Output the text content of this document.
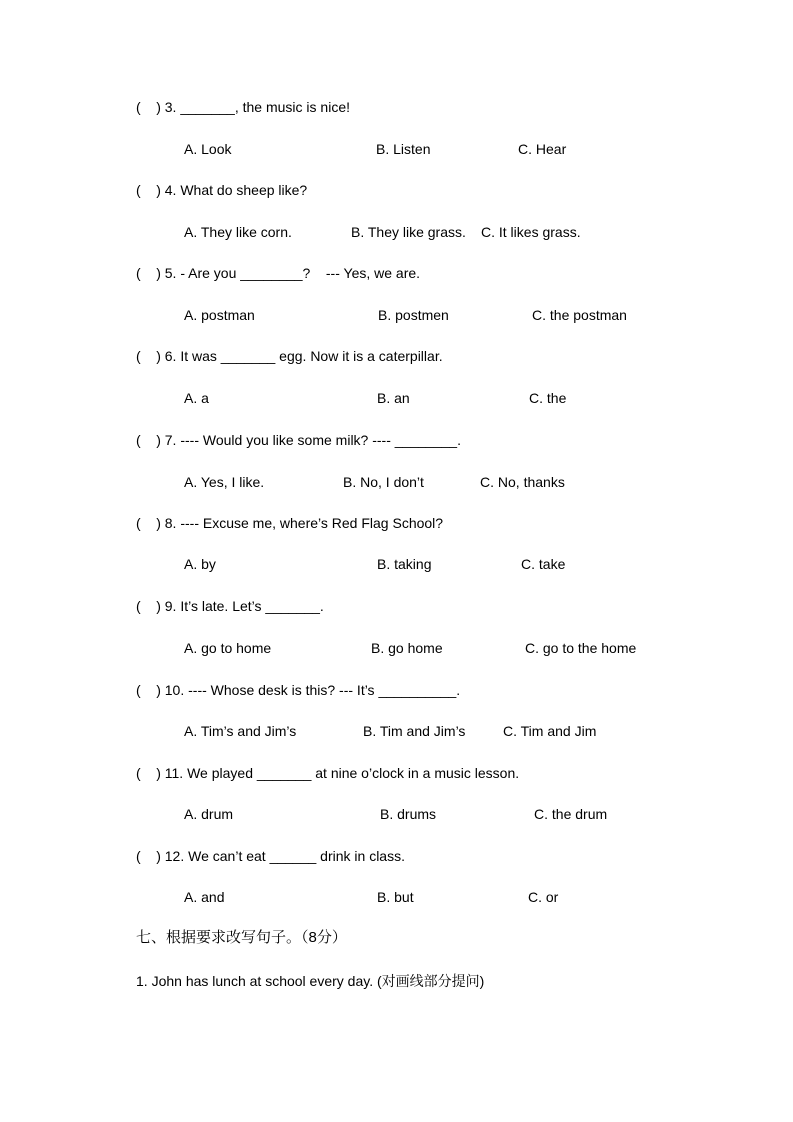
(    ) 3. _______, the music is nice!
A. Look	B. Listen	C. Hear
(    ) 4. What do sheep like?
A. They like corn.	B. They like grass. C. It likes grass.
(    ) 5. - Are you ________?    --- Yes, we are.
A. postman	B. postmen	C. the postman
(    ) 6. It was _______ egg. Now it is a caterpillar.
A. a	B. an	C. the
(    ) 7. ---- Would you like some milk? ---- ________.
A. Yes, I like.	B. No, I don’t	C. No, thanks
(    ) 8. ---- Excuse me, where’s Red Flag School?
A. by	B. taking	C. take
(    ) 9. It’s late. Let’s _______.
A. go to home	B. go home	C. go to the home
(    ) 10. ---- Whose desk is this? --- It’s __________.
A. Tim’s and Jim’s	B. Tim and Jim’s	C. Tim and Jim
(    ) 11. We played _______ at nine o’clock in a music lesson.
A. drum	B. drums	C. the drum
(    ) 12. We can’t eat ______ drink in class.
A. and	B. but	C. or
七、根据要求改写句子。（8分）
1. John has lunch at school every day. (对画线部分提问)
